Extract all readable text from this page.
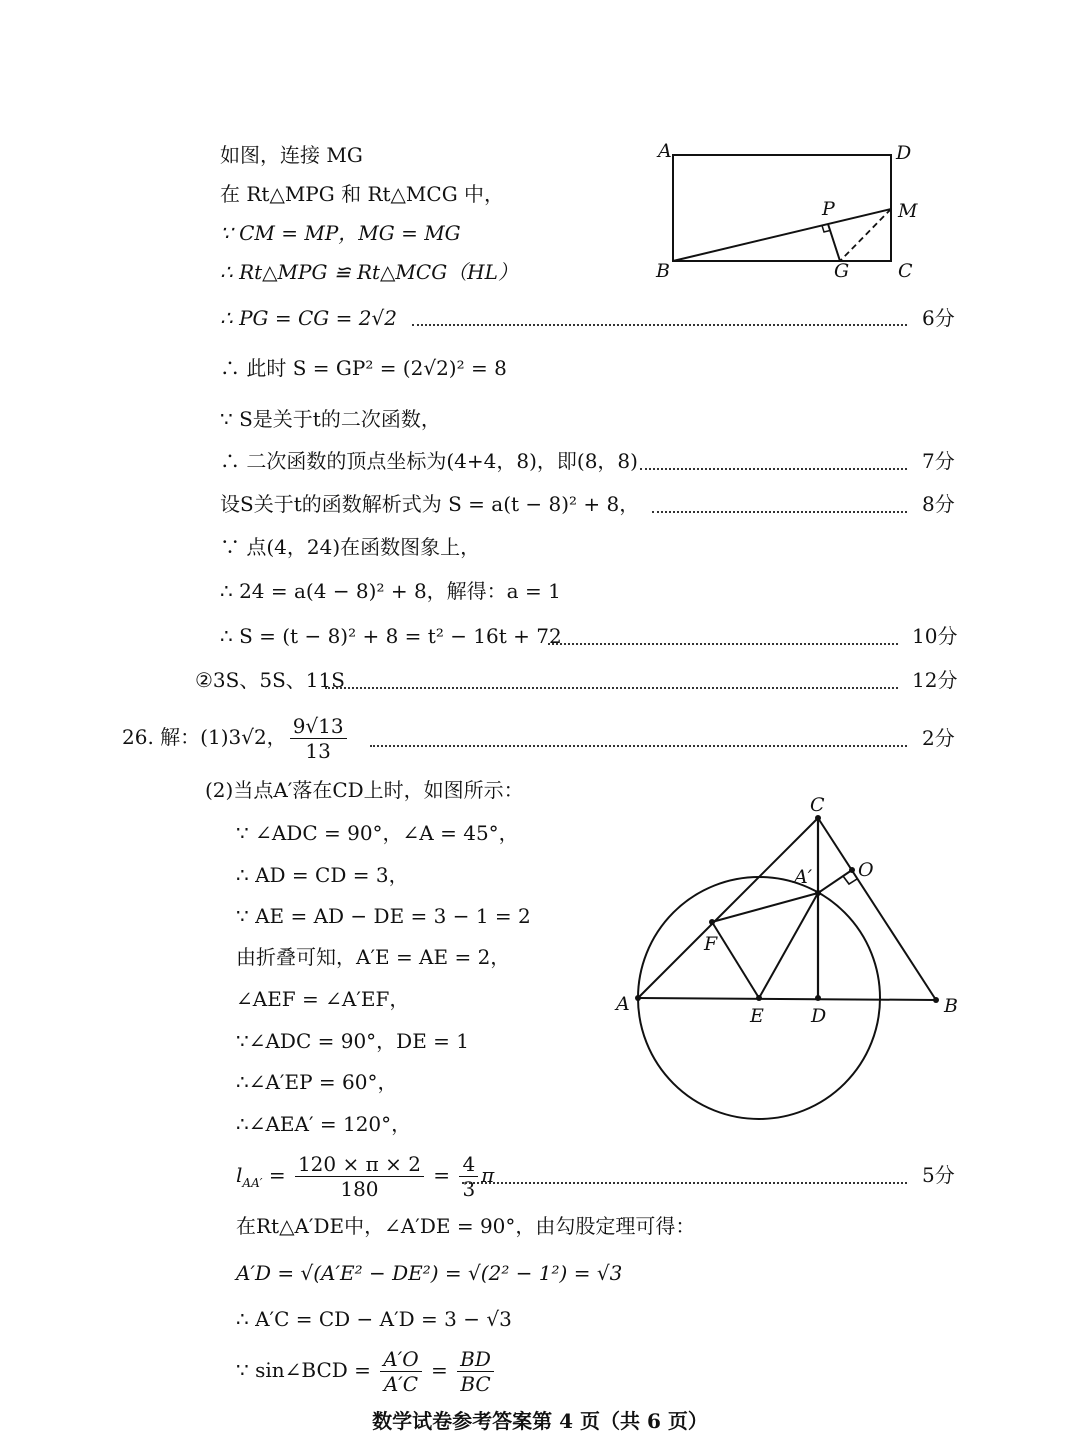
A	D
P	M
B	G	C
C
O
A′
F
A
E D	B
如图，连接 MG
在 Rt△MPG 和 Rt△MCG 中，
∵ CM = MP，MG = MG
∴ Rt△MPG ≌ Rt△MCG（HL）
∴ PG = CG = 2√2	6分
∴ 此时 S = GP² = (2√2)² = 8
∵ S是关于t的二次函数，
∴ 二次函数的顶点坐标为(4+4，8)，即(8，8)	7分
设S关于t的函数解析式为 S = a(t − 8)² + 8，	8分
∵ 点(4，24)在函数图象上，
∴ 24 = a(4 − 8)² + 8，解得：a = 1
∴ S = (t − 8)² + 8 = t² − 16t + 72	10分
②3S、5S、11S	12分
26. 解：(1)3√2， $\frac{9√13}{13}$	2分
(2)当点A′落在CD上时，如图所示：
∵ ∠ADC = 90°，∠A = 45°，
∴ AD = CD = 3，
∵ AE = AD − DE = 3 − 1 = 2
由折叠可知，A′E = AE = 2，
∠AEF = ∠A′EF，
∵∠ADC = 90°，DE = 1
∴∠A′EP = 60°，
∴∠AEA′ = 120°，
$l_{AA'} = \frac{120 \times \pi \times 2}{180} = \frac{4}{3}$ π	5分
在Rt△A′DE中，∠A′DE = 90°，由勾股定理可得：
A′D = √(A′E² − DE²) = √(2² − 1²) = √3
∴ A′C = CD − A′D = 3 − √3
∵ sin∠BCD = $\frac{A'O}{A'C} = \frac{BD}{BC}$
数学试卷参考答案第 4 页（共 6 页）
